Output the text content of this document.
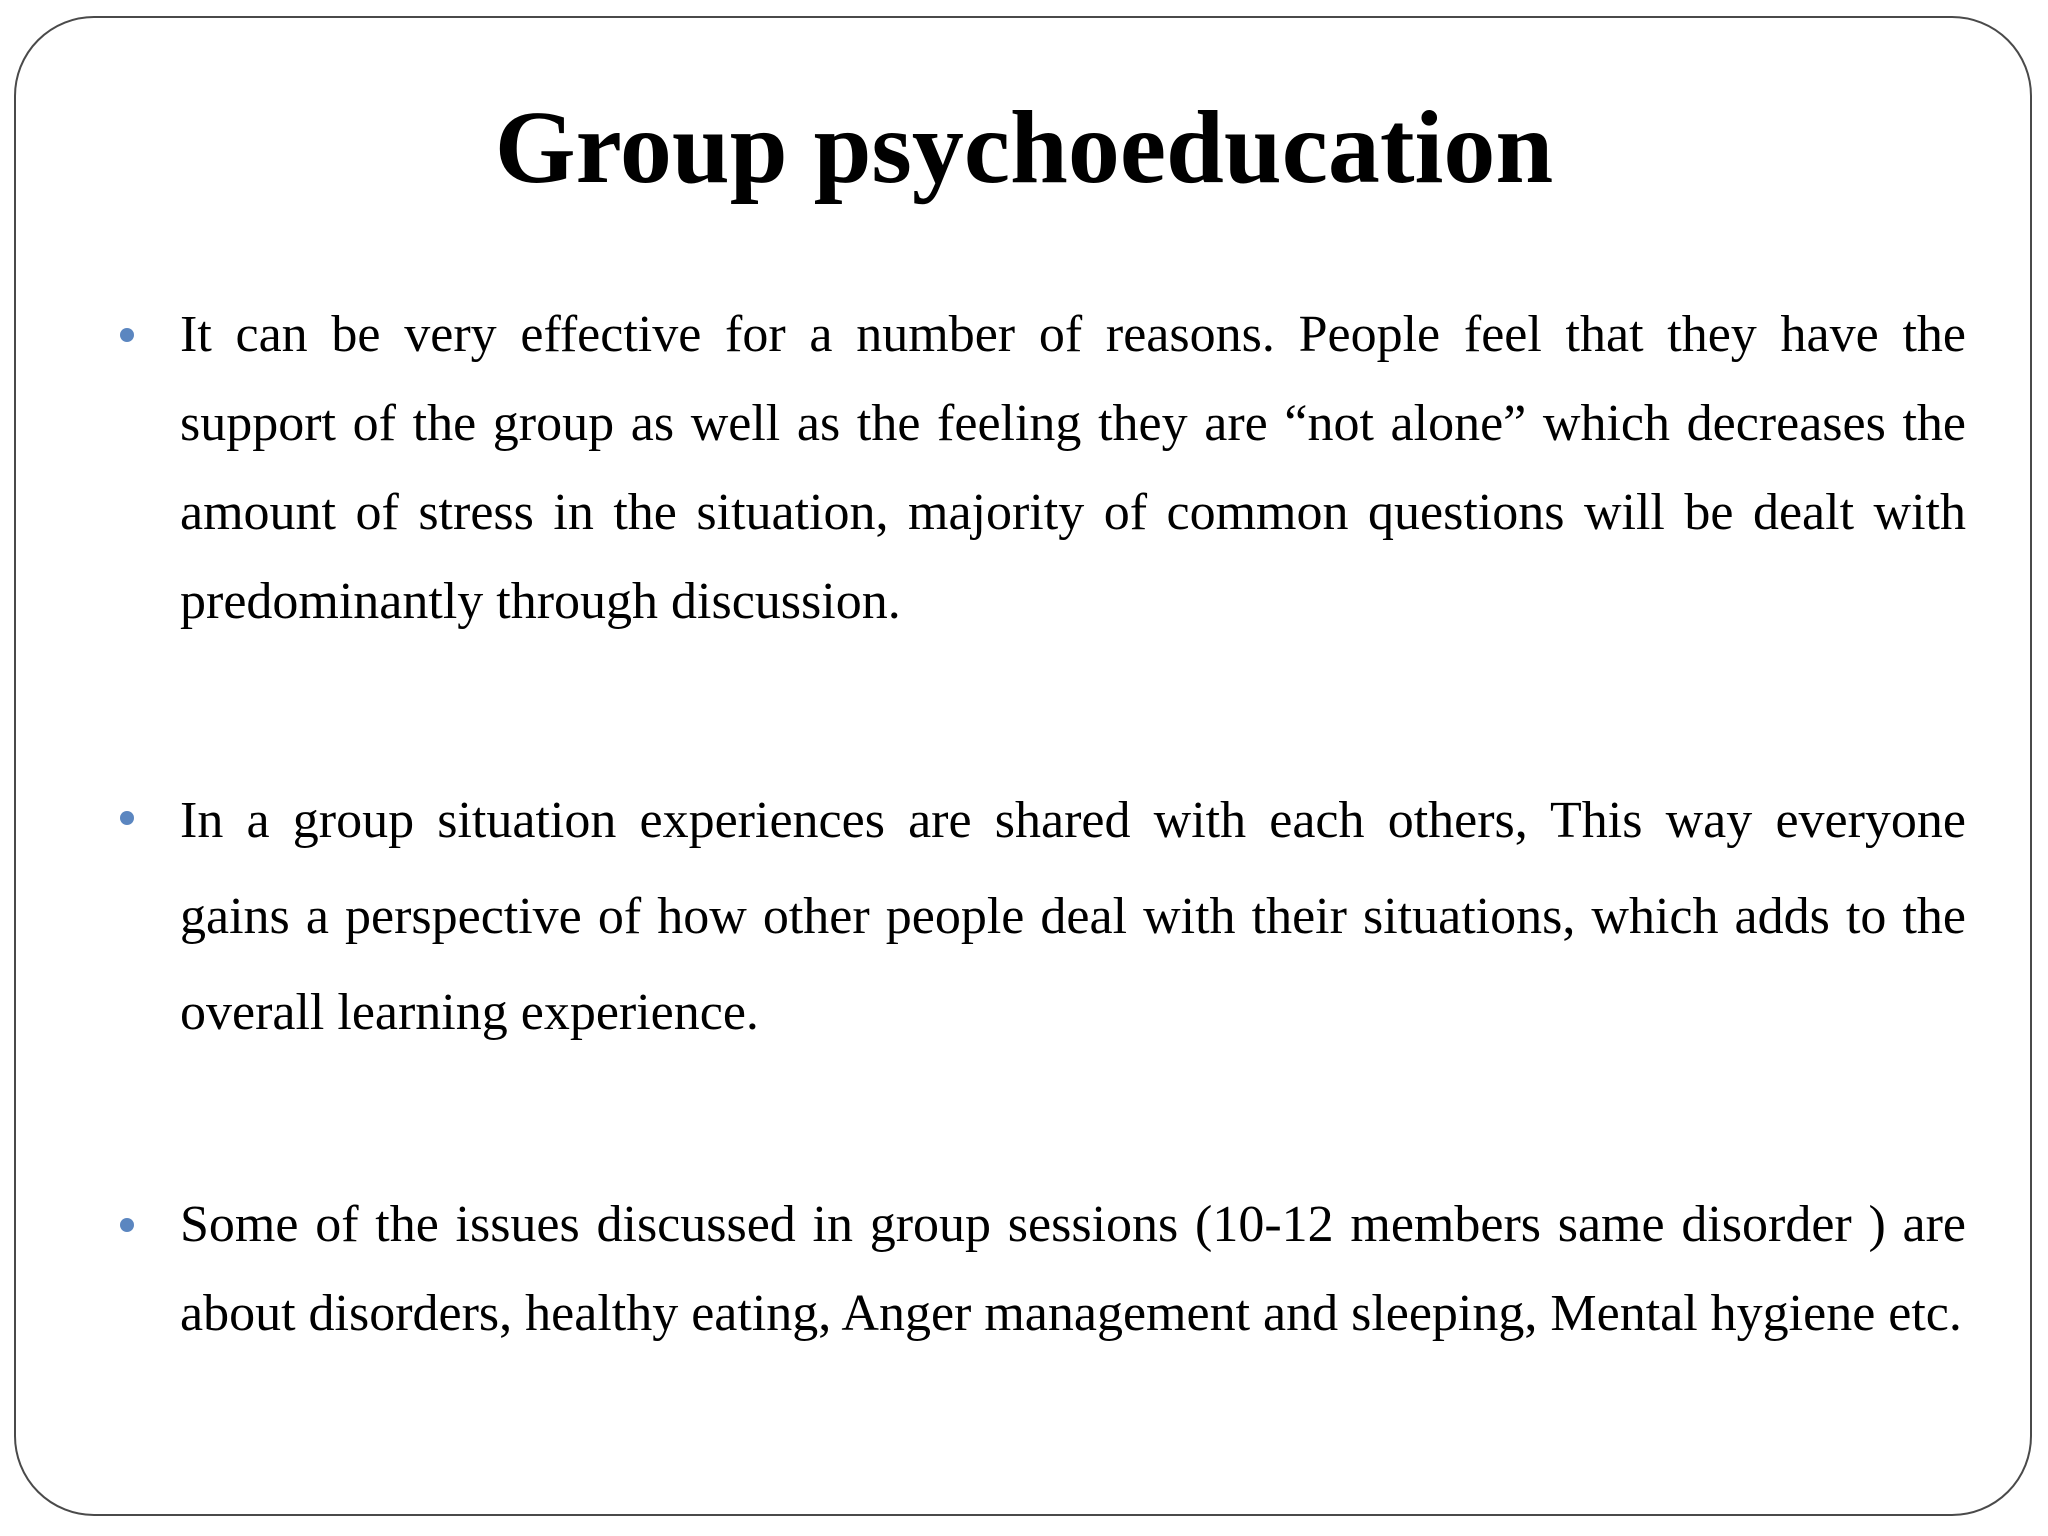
Group psychoeducation

It can be very effective for a number of reasons. People feel that they have the support of the group as well as the feeling they are “not alone” which decreases the amount of stress in the situation, majority of common questions will be dealt with predominantly through discussion.

In a group situation experiences are shared with each others, This way everyone gains a perspective of how other people deal with their situations, which adds to the overall learning experience.

Some of the issues discussed in group sessions (10-12 members same disorder ) are about disorders, healthy eating, Anger management and sleeping, Mental hygiene etc.
